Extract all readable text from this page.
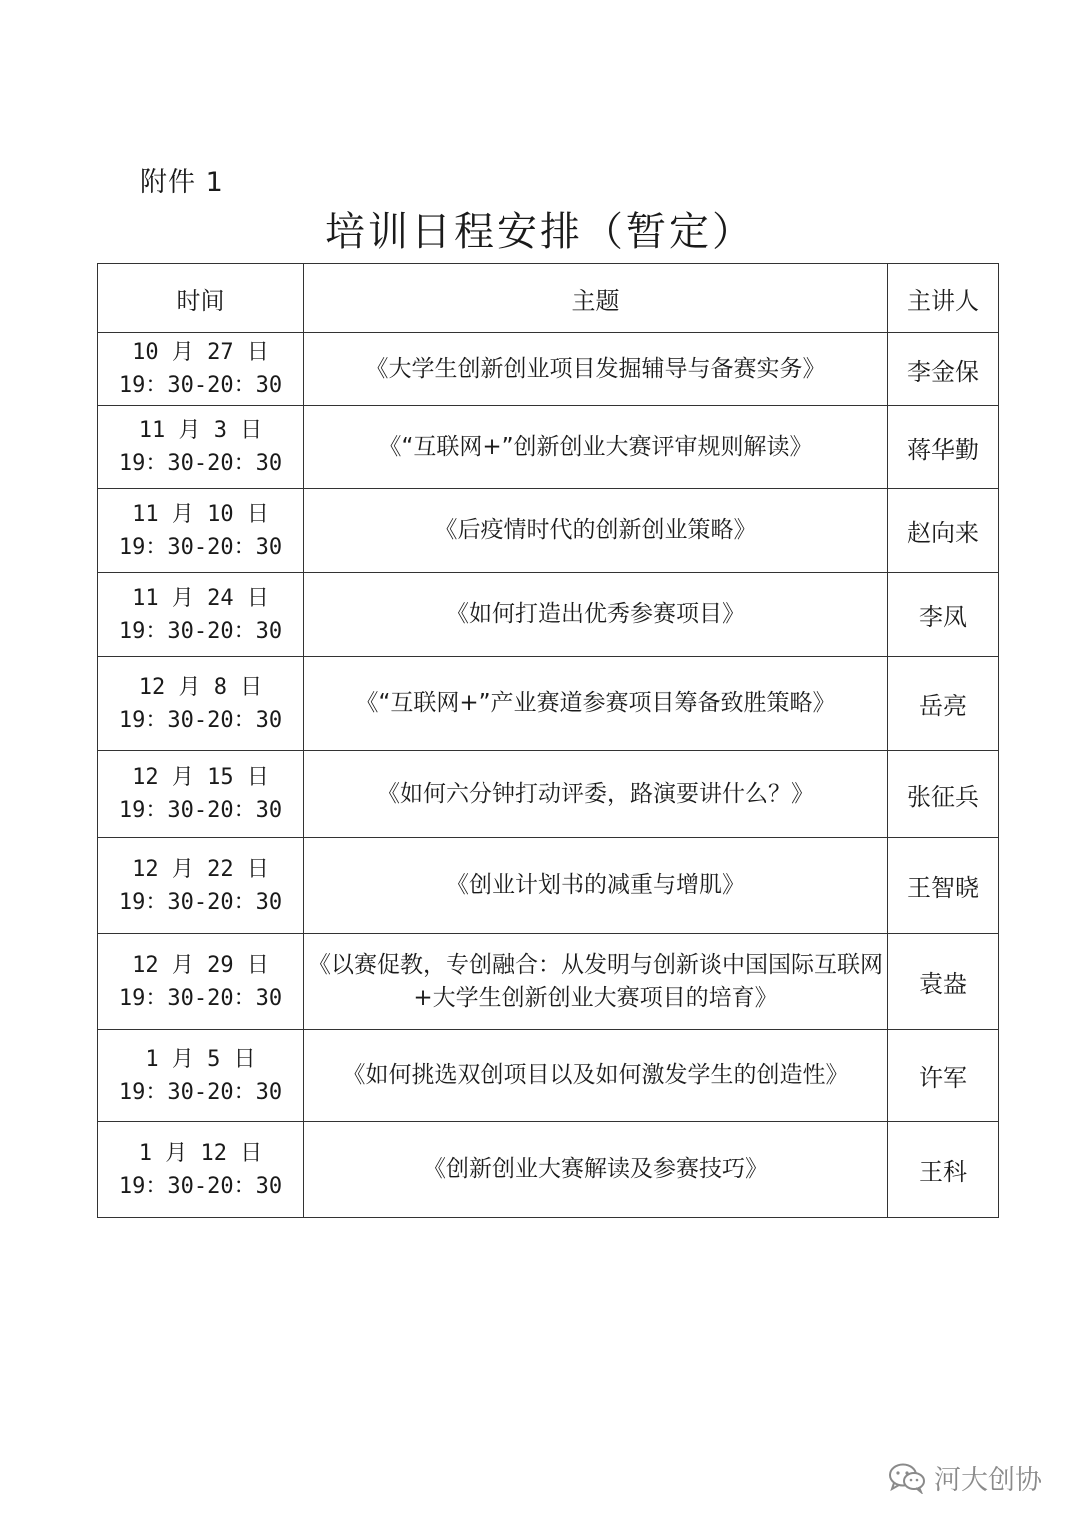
附件 1
培训日程安排（暂定）
时间	主题	主讲人

10 月 27 日
19：30-20：30	《大学生创新创业项目发掘辅导与备赛实务》	李金保

11 月 3 日
19：30-20：30	《“互联网+”创新创业大赛评审规则解读》	蒋华勤

11 月 10 日
19：30-20：30	《后疫情时代的创新创业策略》	赵向来

11 月 24 日
19：30-20：30	《如何打造出优秀参赛项目》	李凤

12 月 8 日
19：30-20：30	《“互联网+”产业赛道参赛项目筹备致胜策略》	岳亮

12 月 15 日
19：30-20：30	《如何六分钟打动评委，路演要讲什么？》	张征兵

12 月 22 日
19：30-20：30	《创业计划书的减重与增肌》	王智晓

12 月 29 日
19：30-20：30	《以赛促教，专创融合：从发明与创新谈中国国际互联网+大学生创新创业大赛项目的培育》	袁盎

1 月 5 日
19：30-20：30	《如何挑选双创项目以及如何激发学生的创造性》	许军

1 月 12 日
19：30-20：30	《创新创业大赛解读及参赛技巧》	王科
河大创协
